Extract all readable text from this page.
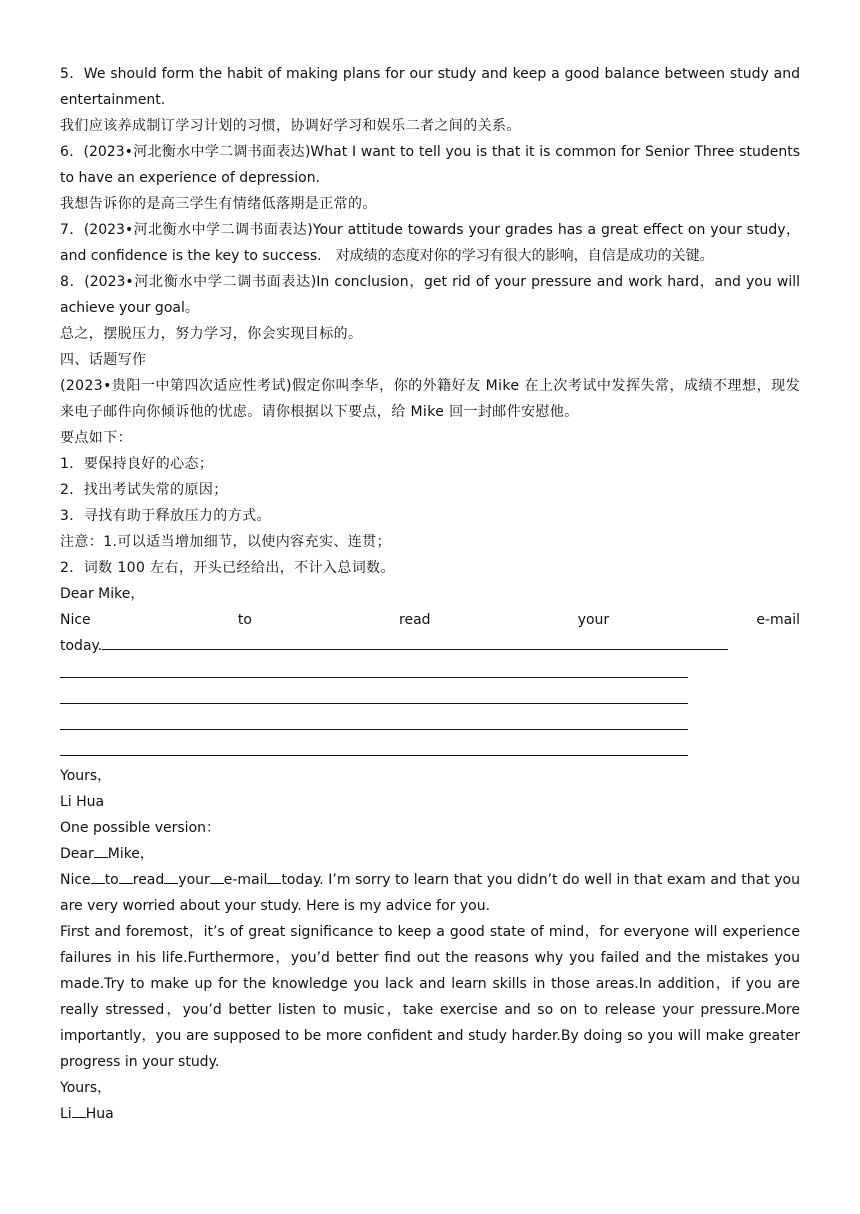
5．We should form the habit of making plans for our study and keep a good balance between study and entertainment.
我们应该养成制订学习计划的习惯，协调好学习和娱乐二者之间的关系。
6．(2023•河北衡水中学二调书面表达)What I want to tell you is that it is common for Senior Three students to have an experience of depression.
我想告诉你的是高三学生有情绪低落期是正常的。
7．(2023•河北衡水中学二调书面表达)Your attitude towards your grades has a great effect on your study，and confidence is the key to success.　对成绩的态度对你的学习有很大的影响，自信是成功的关键。
8．(2023•河北衡水中学二调书面表达)In conclusion，get rid of your pressure and work hard，and you will achieve your goal。
总之，摆脱压力，努力学习，你会实现目标的。
四、话题写作
(2023•贵阳一中第四次适应性考试)假定你叫李华，你的外籍好友 Mike 在上次考试中发挥失常，成绩不理想，现发来电子邮件向你倾诉他的忧虑。请你根据以下要点，给 Mike 回一封邮件安慰他。
要点如下：
1．要保持良好的心态；
2．找出考试失常的原因；
3．寻找有助于释放压力的方式。
注意：1.可以适当增加细节，以使内容充实、连贯；
2．词数 100 左右，开头已经给出，不计入总词数。
Dear Mike，
Nice	to	read	your	e-mail
today.
Yours，
Li Hua
One possible version：
Dear Mike，
Nice to read your e-mail today. I’m sorry to learn that you didn’t do well in that exam and that you are very worried about your study. Here is my advice for you.
First and foremost，it’s of great significance to keep a good state of mind，for everyone will experience failures in his life.Furthermore，you’d better find out the reasons why you failed and the mistakes you made.Try to make up for the knowledge you lack and learn skills in those areas.In addition，if you are really stressed，you’d better listen to music，take exercise and so on to release your pressure.More importantly，you are supposed to be more confident and study harder.By doing so you will make greater progress in your study.
Yours，
Li Hua
